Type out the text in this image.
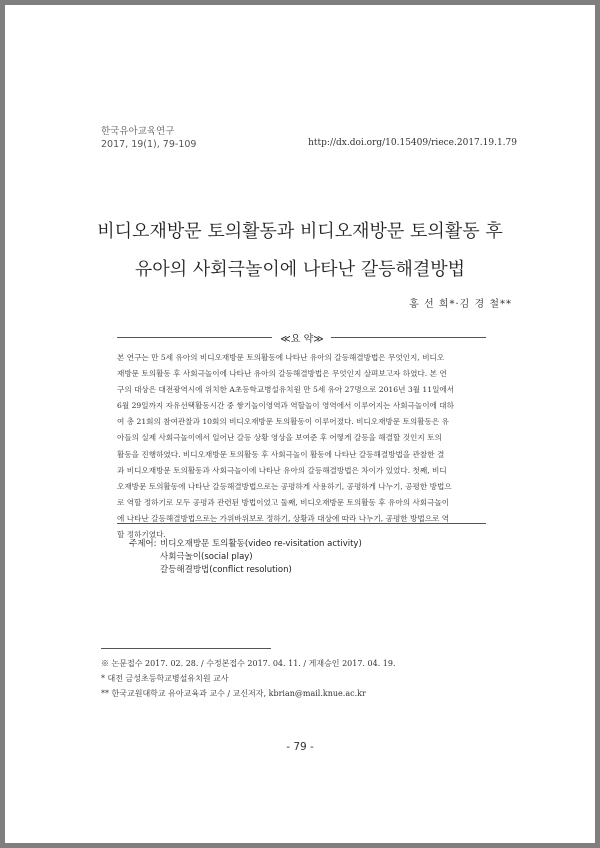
한국유아교육연구
2017, 19(1), 79-109	http://dx.doi.org/10.15409/riece.2017.19.1.79
비디오재방문 토의활동과 비디오재방문 토의활동 후
유아의 사회극놀이에 나타난 갈등해결방법
홍 선 희*·김 경 철**
≪요 약≫

본 연구는 만 5세 유아의 비디오재방문 토의활동에 나타난 유아의 갈등해결방법은 무엇인지, 비디오

재방문 토의활동 후 사회극놀이에 나타난 유아의 갈등해결방법은 무엇인지 살펴보고자 하였다. 본 연

구의 대상은 대전광역시에 위치한 A초등학교병설유치원 만 5세 유아 27명으로 2016년 3월 11일에서

6월 29일까지 자유선택활동시간 중 쌓기놀이영역과 역할놀이 영역에서 이루어지는 사회극놀이에 대하

여 총 21회의 참여관찰과 10회의 비디오재방문 토의활동이 이루어졌다. 비디오재방문 토의활동은 유

아들의 실제 사회극놀이에서 일어난 갈등 상황 영상을 보여준 후 어떻게 갈등을 해결할 것인지 토의

활동을 진행하였다. 비디오재방문 토의활동 후 사회극놀이 활동에 나타난 갈등해결방법을 관찰한 결

과 비디오재방문 토의활동과 사회극놀이에 나타난 유아의 갈등해결방법은 차이가 있었다. 첫째, 비디

오재방문 토의활동에 나타난 갈등해결방법으로는 공평하게 사용하기, 공평하게 나누기, 공평한 방법으

로 역할 정하기로 모두 공평과 관련된 방법이었고 둘째, 비디오재방문 토의활동 후 유아의 사회극놀이

에 나타난 갈등해결방법으로는 가위바위보로 정하기, 상황과 대상에 따라 나누기, 공평한 방법으로 역

할 정하기였다.

주제어: 비디오재방문 토의활동(video re-visitation activity)
사회극놀이(social play)
갈등해결방법(conflict resolution)
※ 논문접수 2017. 02. 28. / 수정본접수 2017. 04. 11. / 게재승인 2017. 04. 19.
* 대전 금성초등학교병설유치원 교사
** 한국교원대학교 유아교육과 교수 / 교신저자, kbrian@mail.knue.ac.kr
- 79 -
